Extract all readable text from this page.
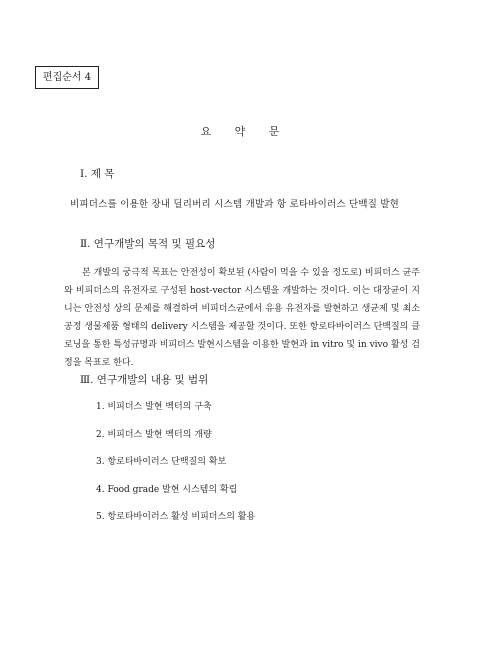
편집순서 4
요 약 문
Ⅰ. 제 목
비피더스를 이용한 장내 딜리버리 시스템 개발과 항 로타바이러스 단백질 발현
Ⅱ. 연구개발의 목적 및 필요성
본 개발의 궁극적 목표는 안전성이 확보된 (사람이 먹을 수 있을 정도로) 비피더스 균주와 비피더스의 유전자로 구성된 host-vector 시스템을 개발하는 것이다. 이는 대장균이 지니는 안전성 상의 문제를 해결하여 비피더스균에서 유용 유전자를 발현하고 생균제 및 최소공정 생물제품 형태의 delivery 시스템을 제공할 것이다. 또한 항로타바이러스 단백질의 클로닝을 통한 특성규명과 비피더스 발현시스템을 이용한 발현과 in vitro 및 in vivo 활성 검정을 목표로 한다.
Ⅲ. 연구개발의 내용 및 범위
1. 비피더스 발현 벡터의 구축
2. 비피더스 발현 벡터의 개량
3. 항로타바이러스 단백질의 확보
4. Food grade 발현 시스템의 확립
5. 항로타바이러스 활성 비피더스의 활용
